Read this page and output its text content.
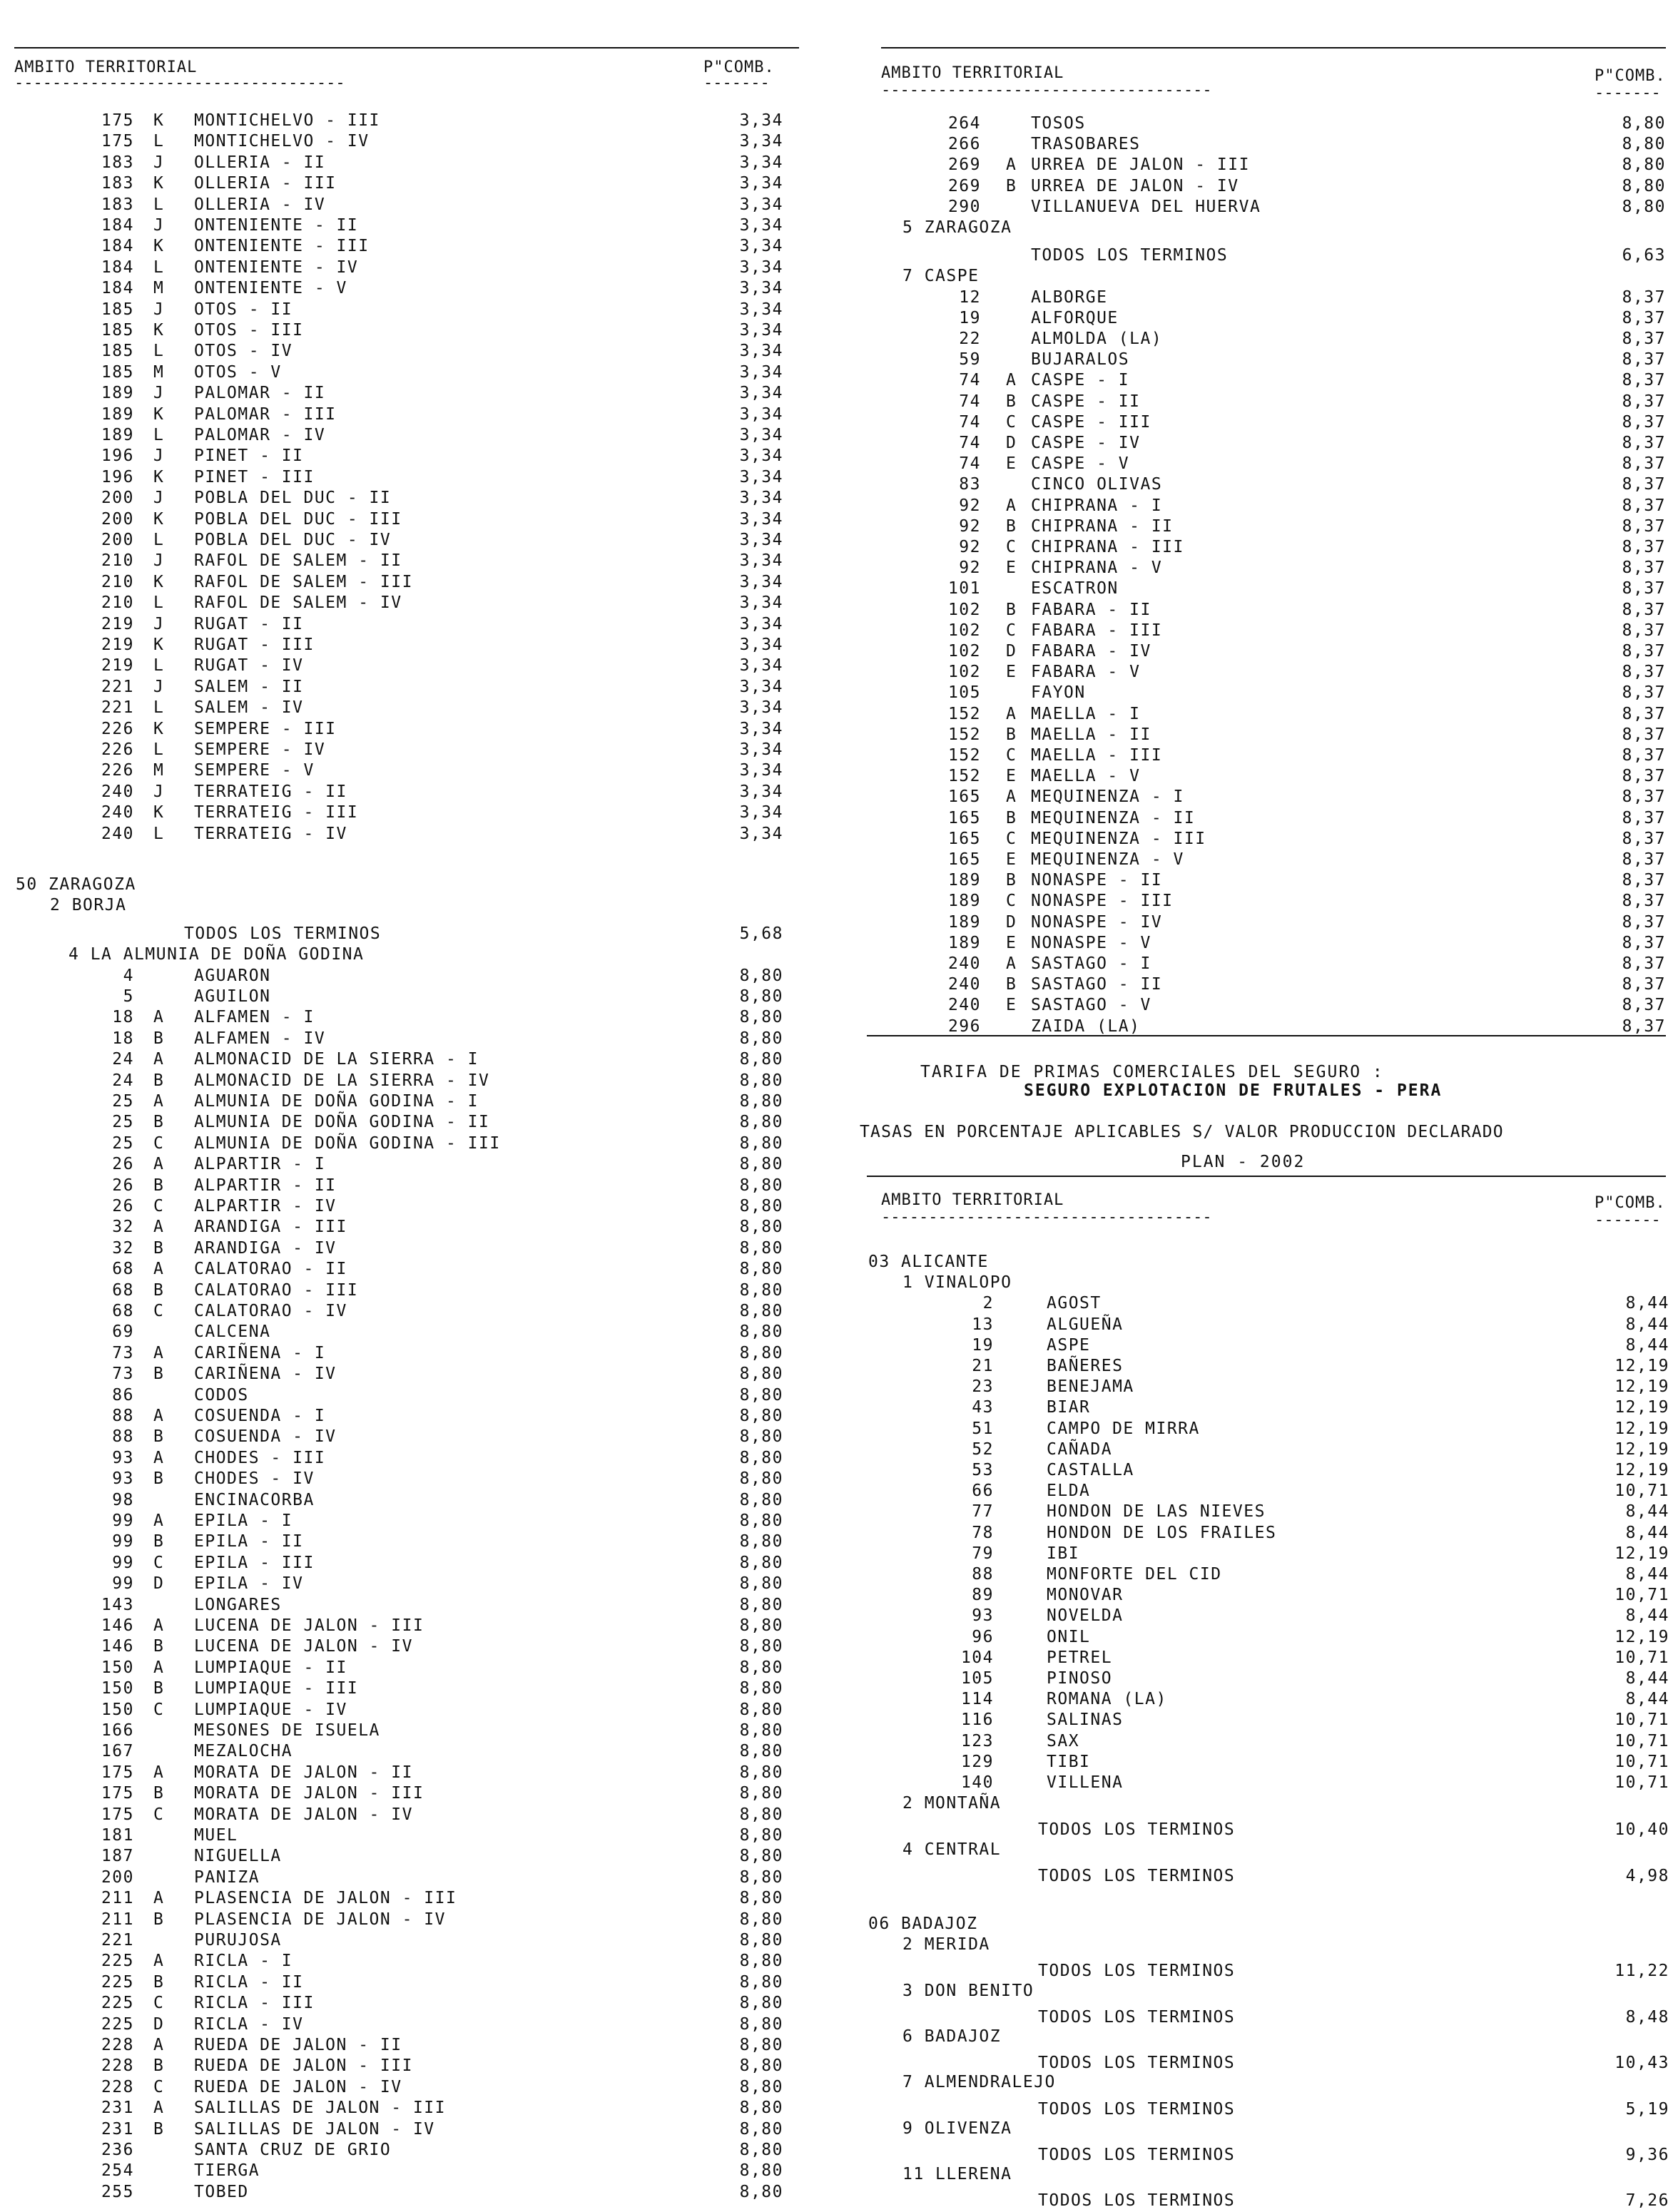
AMBITO TERRITORIAL	P"COMB.
-----------------------------------	-------
175 K MONTICHELVO - III	3,34
175 L MONTICHELVO - IV	3,34
183 J OLLERIA - II	3,34
183 K OLLERIA - III	3,34
183 L OLLERIA - IV	3,34
184 J ONTENIENTE - II	3,34
184 K ONTENIENTE - III	3,34
184 L ONTENIENTE - IV	3,34
184 M ONTENIENTE - V	3,34
185 J OTOS - II	3,34
185 K OTOS - III	3,34
185 L OTOS - IV	3,34
185 M OTOS - V	3,34
189 J PALOMAR - II	3,34
189 K PALOMAR - III	3,34
189 L PALOMAR - IV	3,34
196 J PINET - II	3,34
196 K PINET - III	3,34
200 J POBLA DEL DUC - II	3,34
200 K POBLA DEL DUC - III	3,34
200 L POBLA DEL DUC - IV	3,34
210 J RAFOL DE SALEM - II	3,34
210 K RAFOL DE SALEM - III	3,34
210 L RAFOL DE SALEM - IV	3,34
219 J RUGAT - II	3,34
219 K RUGAT - III	3,34
219 L RUGAT - IV	3,34
221 J SALEM - II	3,34
221 L SALEM - IV	3,34
226 K SEMPERE - III	3,34
226 L SEMPERE - IV	3,34
226 M SEMPERE - V	3,34
240 J TERRATEIG - II	3,34
240 K TERRATEIG - III	3,34
240 L TERRATEIG - IV	3,34
50 ZARAGOZA
2 BORJA
TODOS LOS TERMINOS	5,68
4 LA ALMUNIA DE DOÑA GODINA
4	AGUARON	8,80
5	AGUILON	8,80
18 A ALFAMEN - I	8,80
18 B ALFAMEN - IV	8,80
24 A ALMONACID DE LA SIERRA - I	8,80
24 B ALMONACID DE LA SIERRA - IV	8,80
25 A ALMUNIA DE DOÑA GODINA - I	8,80
25 B ALMUNIA DE DOÑA GODINA - II	8,80
25 C ALMUNIA DE DOÑA GODINA - III	8,80
26 A ALPARTIR - I	8,80
26 B ALPARTIR - II	8,80
26 C ALPARTIR - IV	8,80
32 A ARANDIGA - III	8,80
32 B ARANDIGA - IV	8,80
68 A CALATORAO - II	8,80
68 B CALATORAO - III	8,80
68 C CALATORAO - IV	8,80
69	CALCENA	8,80
73 A CARIÑENA - I	8,80
73 B CARIÑENA - IV	8,80
86	CODOS	8,80
88 A COSUENDA - I	8,80
88 B COSUENDA - IV	8,80
93 A CHODES - III	8,80
93 B CHODES - IV	8,80
98	ENCINACORBA	8,80
99 A EPILA - I	8,80
99 B EPILA - II	8,80
99 C EPILA - III	8,80
99 D EPILA - IV	8,80
143	LONGARES	8,80
146 A LUCENA DE JALON - III	8,80
146 B LUCENA DE JALON - IV	8,80
150 A LUMPIAQUE - II	8,80
150 B LUMPIAQUE - III	8,80
150 C LUMPIAQUE - IV	8,80
166	MESONES DE ISUELA	8,80
167	MEZALOCHA	8,80
175 A MORATA DE JALON - II	8,80
175 B MORATA DE JALON - III	8,80
175 C MORATA DE JALON - IV	8,80
181	MUEL	8,80
187	NIGUELLA	8,80
200	PANIZA	8,80
211 A PLASENCIA DE JALON - III	8,80
211 B PLASENCIA DE JALON - IV	8,80
221	PURUJOSA	8,80
225 A RICLA - I	8,80
225 B RICLA - II	8,80
225 C RICLA - III	8,80
225 D RICLA - IV	8,80
228 A RUEDA DE JALON - II	8,80
228 B RUEDA DE JALON - III	8,80
228 C RUEDA DE JALON - IV	8,80
231 A SALILLAS DE JALON - III	8,80
231 B SALILLAS DE JALON - IV	8,80
236	SANTA CRUZ DE GRIO	8,80
254	TIERGA	8,80
255	TOBED	8,80
AMBITO TERRITORIAL	P"COMB.
-----------------------------------	-------
264	TOSOS	8,80
266	TRASOBARES	8,80
269 A URREA DE JALON - III	8,80
269 B URREA DE JALON - IV	8,80
290	VILLANUEVA DEL HUERVA	8,80
5 ZARAGOZA
TODOS LOS TERMINOS	6,63
7 CASPE
12	ALBORGE	8,37
19	ALFORQUE	8,37
22	ALMOLDA (LA)	8,37
59	BUJARALOS	8,37
74 A CASPE - I	8,37
74 B CASPE - II	8,37
74 C CASPE - III	8,37
74 D CASPE - IV	8,37
74 E CASPE - V	8,37
83	CINCO OLIVAS	8,37
92 A CHIPRANA - I	8,37
92 B CHIPRANA - II	8,37
92 C CHIPRANA - III	8,37
92 E CHIPRANA - V	8,37
101	ESCATRON	8,37
102 B FABARA - II	8,37
102 C FABARA - III	8,37
102 D FABARA - IV	8,37
102 E FABARA - V	8,37
105	FAYON	8,37
152 A MAELLA - I	8,37
152 B MAELLA - II	8,37
152 C MAELLA - III	8,37
152 E MAELLA - V	8,37
165 A MEQUINENZA - I	8,37
165 B MEQUINENZA - II	8,37
165 C MEQUINENZA - III	8,37
165 E MEQUINENZA - V	8,37
189 B NONASPE - II	8,37
189 C NONASPE - III	8,37
189 D NONASPE - IV	8,37
189 E NONASPE - V	8,37
240 A SASTAGO - I	8,37
240 B SASTAGO - II	8,37
240 E SASTAGO - V	8,37
296	ZAIDA (LA)	8,37
TARIFA DE PRIMAS COMERCIALES DEL SEGURO :
SEGURO EXPLOTACION DE FRUTALES - PERA
TASAS EN PORCENTAJE APLICABLES S/ VALOR PRODUCCION DECLARADO
PLAN - 2002
AMBITO TERRITORIAL	P"COMB.
-----------------------------------	-------
03 ALICANTE
1 VINALOPO
2	AGOST	8,44
13	ALGUEÑA	8,44
19	ASPE	8,44
21	BAÑERES	12,19
23	BENEJAMA	12,19
43	BIAR	12,19
51	CAMPO DE MIRRA	12,19
52	CAÑADA	12,19
53	CASTALLA	12,19
66	ELDA	10,71
77	HONDON DE LAS NIEVES	8,44
78	HONDON DE LOS FRAILES	8,44
79	IBI	12,19
88	MONFORTE DEL CID	8,44
89	MONOVAR	10,71
93	NOVELDA	8,44
96	ONIL	12,19
104	PETREL	10,71
105	PINOSO	8,44
114	ROMANA (LA)	8,44
116	SALINAS	10,71
123	SAX	10,71
129	TIBI	10,71
140	VILLENA	10,71
2 MONTAÑA
TODOS LOS TERMINOS	10,40
4 CENTRAL
TODOS LOS TERMINOS	4,98
06 BADAJOZ
2 MERIDA
TODOS LOS TERMINOS	11,22
3 DON BENITO
TODOS LOS TERMINOS	8,48
6 BADAJOZ
TODOS LOS TERMINOS	10,43
7 ALMENDRALEJO
TODOS LOS TERMINOS	5,19
9 OLIVENZA
TODOS LOS TERMINOS	9,36
11 LLERENA
TODOS LOS TERMINOS	7,26
